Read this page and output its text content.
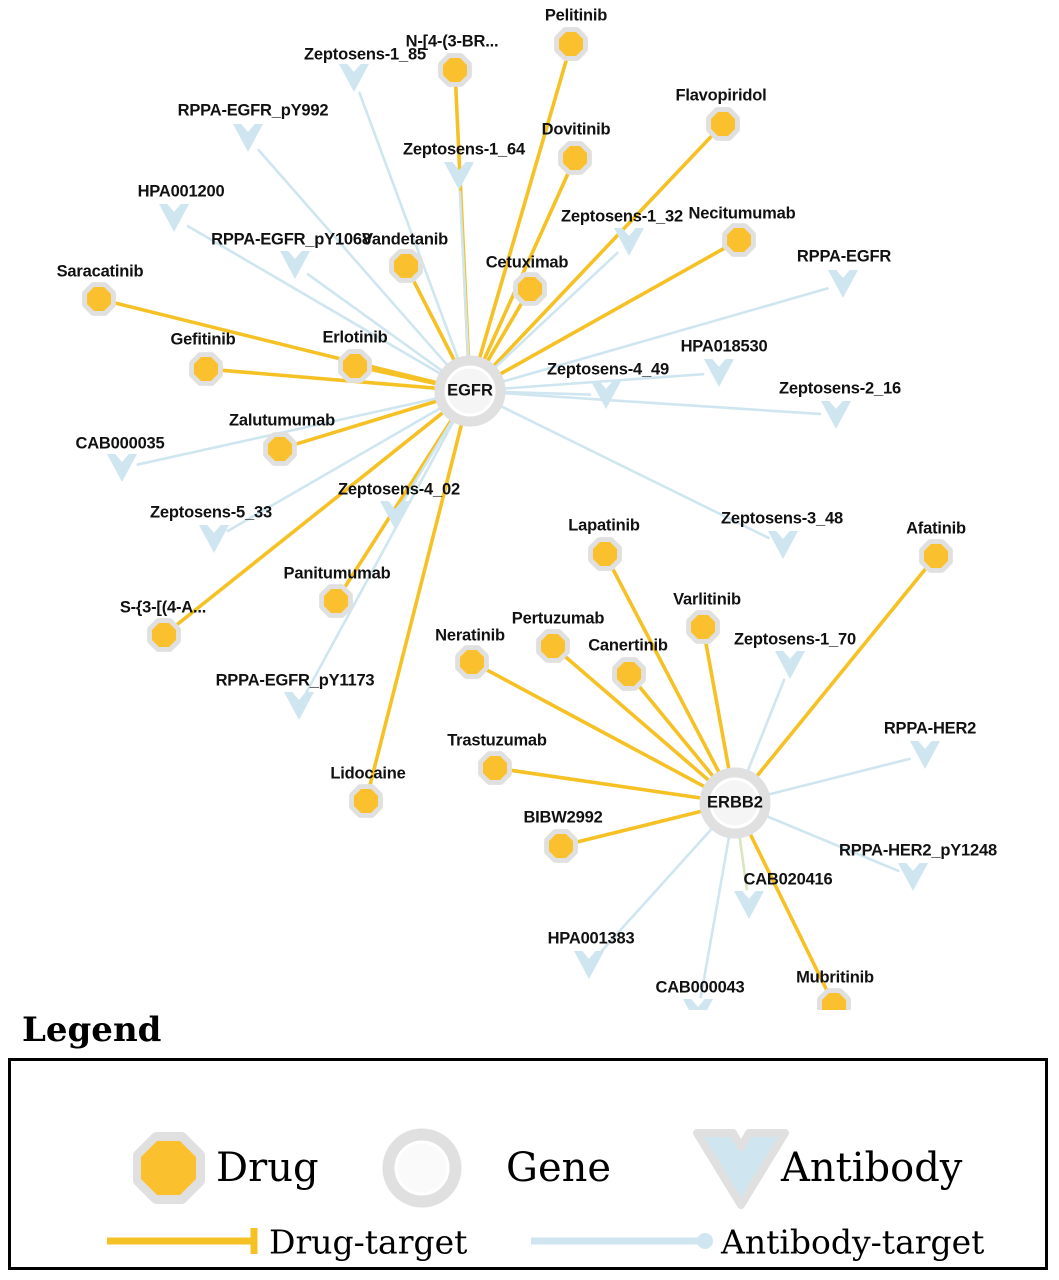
Zeptosens-1_85
RPPA-EGFR_pY992
Zeptosens-1_64
HPA001200
Zeptosens-1_32
RPPA-EGFR_pY1068
RPPA-EGFR
HPA018530
Zeptosens-4_49
Zeptosens-2_16
CAB000035
Zeptosens-4_02
Zeptosens-5_33	Zeptosens-3_48
Zeptosens-1_70
RPPA-EGFR_pY1173
RPPA-HER2
RPPA-HER2_pY1248
CAB020416
HPA001383
CAB000043
Pelitinib
N-[4-(3-BR...
Flavopiridol
Dovitinib
Necitumumab
Vandetanib
Cetuximab
Saracatinib
Erlotinib
Gefitinib
Zalutumumab
Afatinib
Lapatinib
Varlitinib
Panitumumab
Pertuzumab
S-{3-[(4-A...
Neratinib
Canertinib
Trastuzumab
Lidocaine
BIBW2992
Mubritinib
EGFR
ERBB2
Legend
Drug	Gene	Antibody
Drug-target	Antibody-target
